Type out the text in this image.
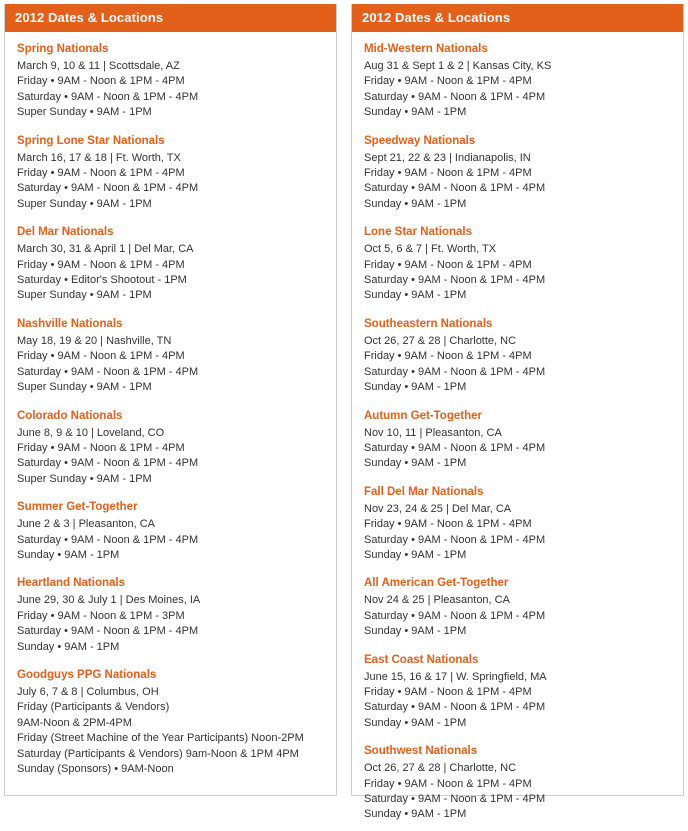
2012 Dates & Locations
Spring Nationals
March 9, 10 & 11 | Scottsdale, AZ
Friday • 9AM - Noon & 1PM - 4PM
Saturday • 9AM - Noon & 1PM - 4PM
Super Sunday • 9AM - 1PM
Spring Lone Star Nationals
March 16, 17 & 18 | Ft. Worth, TX
Friday • 9AM - Noon & 1PM - 4PM
Saturday • 9AM - Noon & 1PM - 4PM
Super Sunday • 9AM - 1PM
Del Mar Nationals
March 30, 31 & April 1 | Del Mar, CA
Friday • 9AM - Noon & 1PM - 4PM
Saturday • Editor's Shootout - 1PM
Super Sunday • 9AM - 1PM
Nashville Nationals
May 18, 19 & 20 | Nashville, TN
Friday • 9AM - Noon & 1PM - 4PM
Saturday • 9AM - Noon & 1PM - 4PM
Super Sunday • 9AM - 1PM
Colorado Nationals
June 8, 9 & 10 | Loveland, CO
Friday • 9AM - Noon & 1PM - 4PM
Saturday • 9AM - Noon & 1PM - 4PM
Super Sunday • 9AM - 1PM
Summer Get-Together
June 2 & 3 | Pleasanton, CA
Saturday • 9AM - Noon & 1PM - 4PM
Sunday • 9AM - 1PM
Heartland Nationals
June 29, 30 & July 1 | Des Moines, IA
Friday • 9AM - Noon & 1PM - 3PM
Saturday • 9AM - Noon & 1PM - 4PM
Sunday • 9AM - 1PM
Goodguys PPG Nationals
July 6, 7 & 8 | Columbus, OH
Friday (Participants & Vendors)
9AM-Noon & 2PM-4PM
Friday (Street Machine of the Year Participants) Noon-2PM
Saturday (Participants & Vendors) 9am-Noon & 1PM 4PM
Sunday (Sponsors) • 9AM-Noon
2012 Dates & Locations
Mid-Western Nationals
Aug 31 & Sept 1 & 2 | Kansas City, KS
Friday • 9AM - Noon & 1PM - 4PM
Saturday • 9AM - Noon & 1PM - 4PM
Sunday • 9AM - 1PM
Speedway Nationals
Sept 21, 22 & 23 | Indianapolis, IN
Friday • 9AM - Noon & 1PM - 4PM
Saturday • 9AM - Noon & 1PM - 4PM
Sunday • 9AM - 1PM
Lone Star Nationals
Oct 5, 6 & 7 | Ft. Worth, TX
Friday • 9AM - Noon & 1PM - 4PM
Saturday • 9AM - Noon & 1PM - 4PM
Sunday • 9AM - 1PM
Southeastern Nationals
Oct 26, 27 & 28 | Charlotte, NC
Friday • 9AM - Noon & 1PM - 4PM
Saturday • 9AM - Noon & 1PM - 4PM
Sunday • 9AM - 1PM
Autumn Get-Together
Nov 10, 11 | Pleasanton, CA
Saturday • 9AM - Noon & 1PM - 4PM
Sunday • 9AM - 1PM
Fall Del Mar Nationals
Nov 23, 24 & 25 | Del Mar, CA
Friday • 9AM - Noon & 1PM - 4PM
Saturday • 9AM - Noon & 1PM - 4PM
Sunday • 9AM - 1PM
All American Get-Together
Nov 24 & 25 | Pleasanton, CA
Saturday • 9AM - Noon & 1PM - 4PM
Sunday • 9AM - 1PM
East Coast Nationals
June 15, 16 & 17 | W. Springfield, MA
Friday • 9AM - Noon & 1PM - 4PM
Saturday • 9AM - Noon & 1PM - 4PM
Sunday • 9AM - 1PM
Southwest Nationals
Oct 26, 27 & 28 | Charlotte, NC
Friday • 9AM - Noon & 1PM - 4PM
Saturday • 9AM - Noon & 1PM - 4PM
Sunday • 9AM - 1PM
